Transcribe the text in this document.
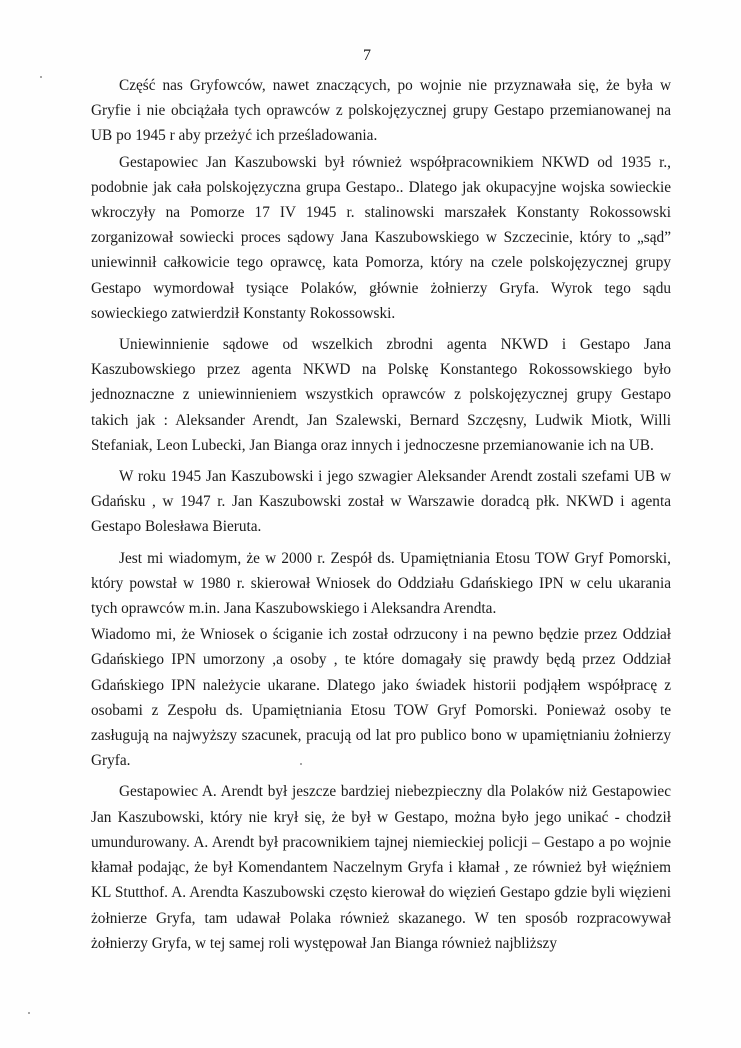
7

Część nas Gryfowców, nawet znaczących, po wojnie nie przyznawała się, że była w Gryfie i nie obciążała tych oprawców z polskojęzycznej grupy Gestapo przemianowanej na UB po 1945 r aby przeżyć ich prześladowania.

Gestapowiec Jan Kaszubowski był również współpracownikiem NKWD od 1935 r., podobnie jak cała polskojęzyczna grupa Gestapo.. Dlatego jak okupacyjne wojska sowieckie wkroczyły na Pomorze 17 IV 1945 r. stalinowski marszałek Konstanty Rokossowski zorganizował sowiecki proces sądowy Jana Kaszubowskiego w Szczecinie, który to „sąd” uniewinnił całkowicie tego oprawcę, kata Pomorza, który na czele polskojęzycznej grupy Gestapo wymordował tysiące Polaków, głównie żołnierzy Gryfa. Wyrok tego sądu sowieckiego zatwierdził Konstanty Rokossowski.

Uniewinnienie sądowe od wszelkich zbrodni agenta NKWD i Gestapo Jana Kaszubowskiego przez agenta NKWD na Polskę Konstantego Rokossowskiego było jednoznaczne z uniewinnieniem wszystkich oprawców z polskojęzycznej grupy Gestapo takich jak : Aleksander Arendt, Jan Szalewski, Bernard Szczęsny, Ludwik Miotk, Willi Stefaniak, Leon Lubecki, Jan Bianga oraz innych i jednoczesne przemianowanie ich na UB.

W roku 1945 Jan Kaszubowski i jego szwagier Aleksander Arendt zostali szefami UB w Gdańsku , w 1947 r. Jan Kaszubowski został w Warszawie doradcą płk. NKWD i agenta Gestapo Bolesława Bieruta.

Jest mi wiadomym, że w 2000 r. Zespół ds. Upamiętniania Etosu TOW Gryf Pomorski, który powstał w 1980 r. skierował Wniosek do Oddziału Gdańskiego IPN w celu ukarania tych oprawców m.in. Jana Kaszubowskiego i Aleksandra Arendta.

Wiadomo mi, że Wniosek o ściganie ich został odrzucony i na pewno będzie przez Oddział Gdańskiego IPN umorzony ,a osoby , te które domagały się prawdy będą przez Oddział Gdańskiego IPN należycie ukarane. Dlatego jako świadek historii podjąłem współpracę z osobami z Zespołu ds. Upamiętniania Etosu TOW Gryf Pomorski. Ponieważ osoby te zasługują na najwyższy szacunek, pracują od lat pro publico bono w upamiętnianiu żołnierzy Gryfa.

Gestapowiec A. Arendt był jeszcze bardziej niebezpieczny dla Polaków niż Gestapowiec Jan Kaszubowski, który nie krył się, że był w Gestapo, można było jego unikać - chodził umundurowany. A. Arendt był pracownikiem tajnej niemieckiej policji – Gestapo a po wojnie kłamał podając, że był Komendantem Naczelnym Gryfa i kłamał , ze również był więźniem KL Stutthof. A. Arendta Kaszubowski często kierował do więzień Gestapo gdzie byli więzieni żołnierze Gryfa, tam udawał Polaka również skazanego. W ten sposób rozpracowywał żołnierzy Gryfa, w tej samej roli występował Jan Bianga również najbliższy
